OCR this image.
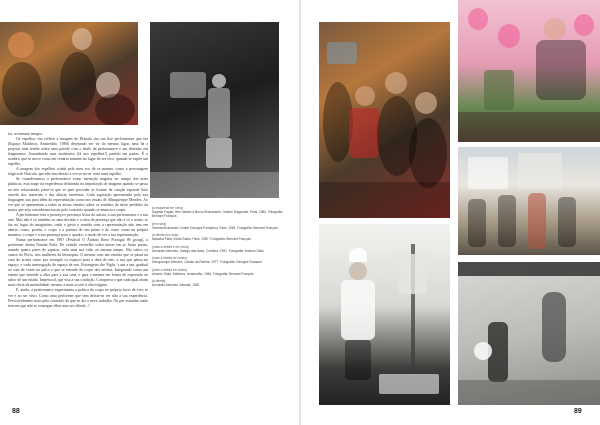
ter, ao mesmo tempo».

Os espelhos vão refletir a imagem de Drácula (na sua live performance que faz (Espaço Maldoror, Amsterdão, 1980) desejando ver vir do mesmo lugar, nasz há a projetar uma tendre sobre uma parede com o título da performance e um desenho em fragmentos. Assombrado mas inofensivo (lá nos espelhos?) partido em partes. É a sombra, que se move como em cenário mínimo no lugar do ser vivo, quando se expõe um espelho.

A imagem dos espelhos criada pelo meu eco de se manter, como a personagem trágica de Drácula, que não tem direito a ver-se no ter visto num espelho.

Se considerarmos a performance como invenção singular no campo das artes plásticas, esta surge na experiência delineada na importação de imagens quando se passa na arte relacionada, parte-se que se quer proceder as formas de criação espacial feita através dos materiais e das alturas rarefeitas. Cada aspiração apresentada pela sua linguagem usa para além da representação como nos rituais de Albuquerque Mendes. Ao ver que se apresentam a todas as ativas ensaios sobre os sentidos do meio perdidos da maior que seja consideram existir pelo contrário quando se enuncia a corpo.

A performance tem a presença e presença física do artista, a sua performance e a sua arte. Mas não é só também ou uma decisão e a obra de presença que não é só o nome, se faz no lugar do imaginário, onde o gesto e sentido com a representação não tem em aberto, como, porém, o corpo e a pintura do seu ponto e do outro como na própria maneira, o corpo e a sua presença para o quadro, o modo de ver a sua representação.

Numa performance em 1987 (Festival O Âmbito Ibero Portugal 89 group), a performer alema Natalie Fiala. De vestido vermelho sobre meias em as fatias pretas, usando quatro pares de sapatos, cada uma sua vida, ao mesmo tempo. São vários os cantos do Porto, seis mulheres da hierarquia. O mesmo com um cenário que se passa na casa do artista como por exemplo os espaços para a obra de arte, a sua que pensa no espaço, e cada interrogação de espaço de nos. Estrangeiro the Night. 's um a um, gradual ao som de vozes no palco e que se estende do corpo dos artistas. Integrando como um ensaio que entende a obra para a sua casa, e para a mesma em forma de expressão ao sabor de um estado. Impessoal, que visa a sua condição. Comprova o que cada qual assim mais cheia da mentalidade, mesmo a mais ocorre à alta estigma.

E, ainda, a performance experimenta a prática do corpo no próprio facto de vivo se ver e no ser visto. Como uma performer que sem deixar-se ver não a sua experiência. Previsivelmente mais pelo contrário do que se diz o novo trabalho. Ou por estranha razão tem em que não se consegue olhar mas ser olhado. //

(à esquerda em cima)
Dagmar Fagart, Ben Vautier e Bruno Brunosante, Galerie Diagonale, Paris, 1982. Fotografia: Bernard François
(em cima)
Gerrida Brunsedes Centre Georges Pompidou, Paris, 1984. Fotografia: Bernard François
(à direita em cima)
Natacha Fiala, Kiosk-Radio, Paris, 1987. Fotografia: Bernard François
(mais à direita e em cima)
Armando Azevedo, Galego das Artes, Coimbra, 1991. Fotografia: António Olaio
(mais à direita ao centro)
Albuquerque Mendes, Caldas da Rainha, 1977. Fotografia: Georges Dussaud
(mais à direita em baixo)
Antonio Olaio, Maldoror, Amsterdão, 1984. Fotografia: Bernard François
(à direita)
Armando Azevedo, Almada, 1982
88	89
